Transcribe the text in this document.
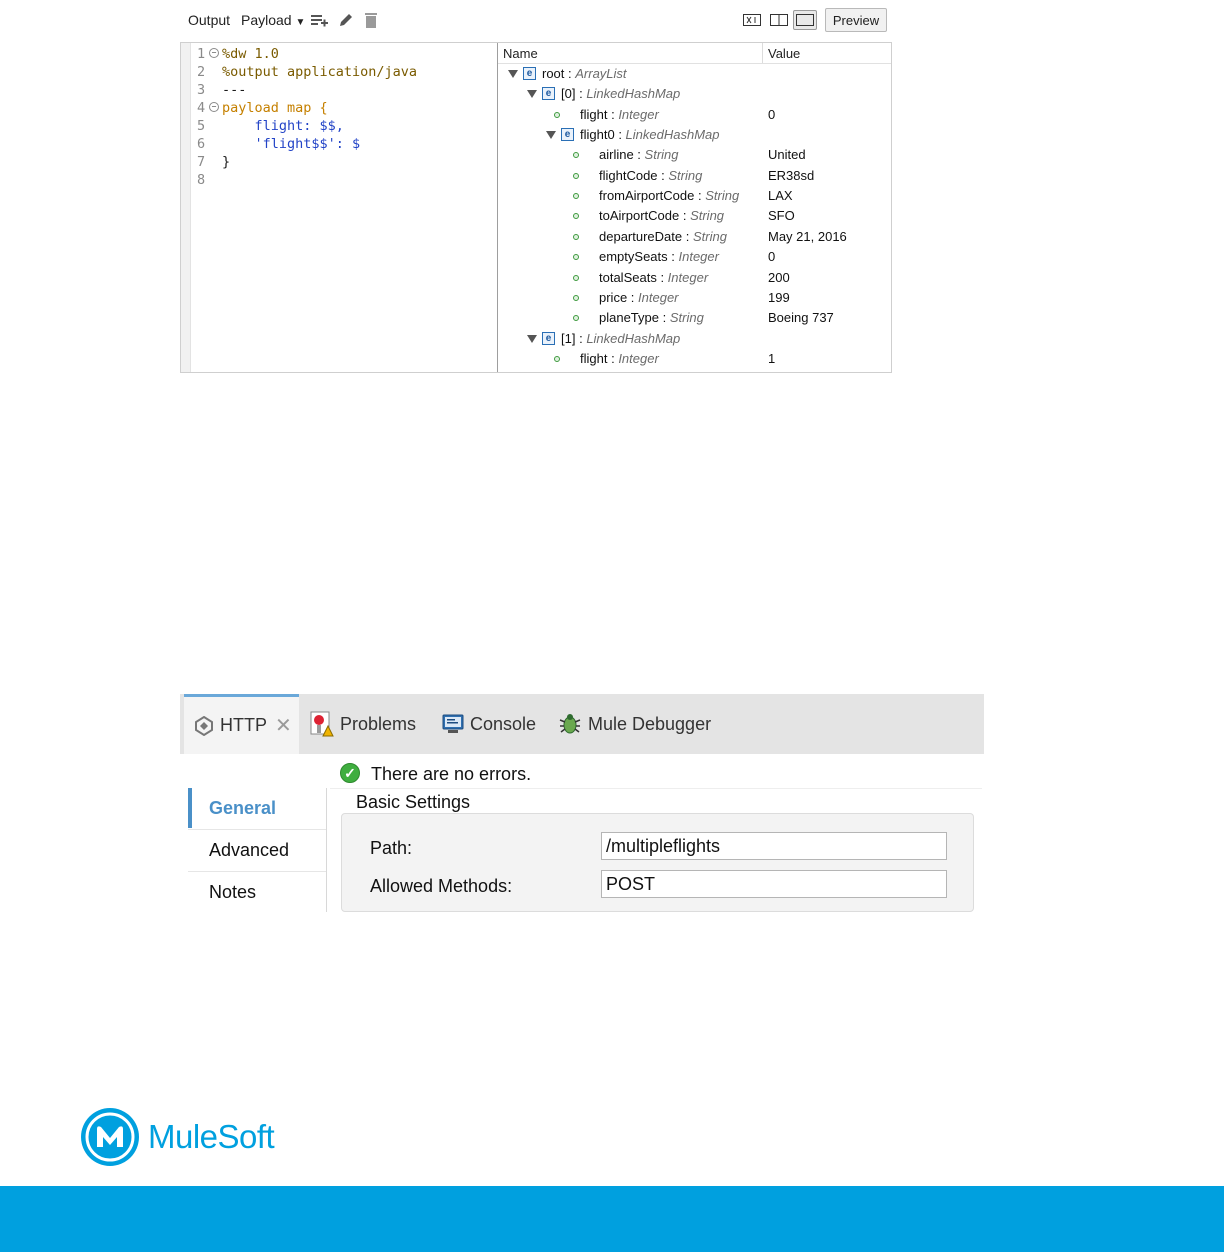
Output Payload ▼	Preview
1 − %dw 1.0
2 %output application/java
3 ---
4 − payload map {
5 flight: $$,
6 'flight$$': $
7 }
8
Name	Value
e root : ArrayList
e [0] : LinkedHashMap
flight : Integer	0
e flight0 : LinkedHashMap
airline : String	United
flightCode : String	ER38sd
fromAirportCode : String LAX
toAirportCode : String	SFO
departureDate : String	May 21, 2016
emptySeats : Integer	0
totalSeats : Integer	200
price : Integer	199
planeType : String	Boeing 737
e [1] : LinkedHashMap
flight : Integer	1
HTTP ✕	Problems	Console	Mule Debugger
General
Advanced
Notes
✓ There are no errors.
Basic Settings
Path:
/multipleflights
Allowed Methods:
POST
MuleSoft
